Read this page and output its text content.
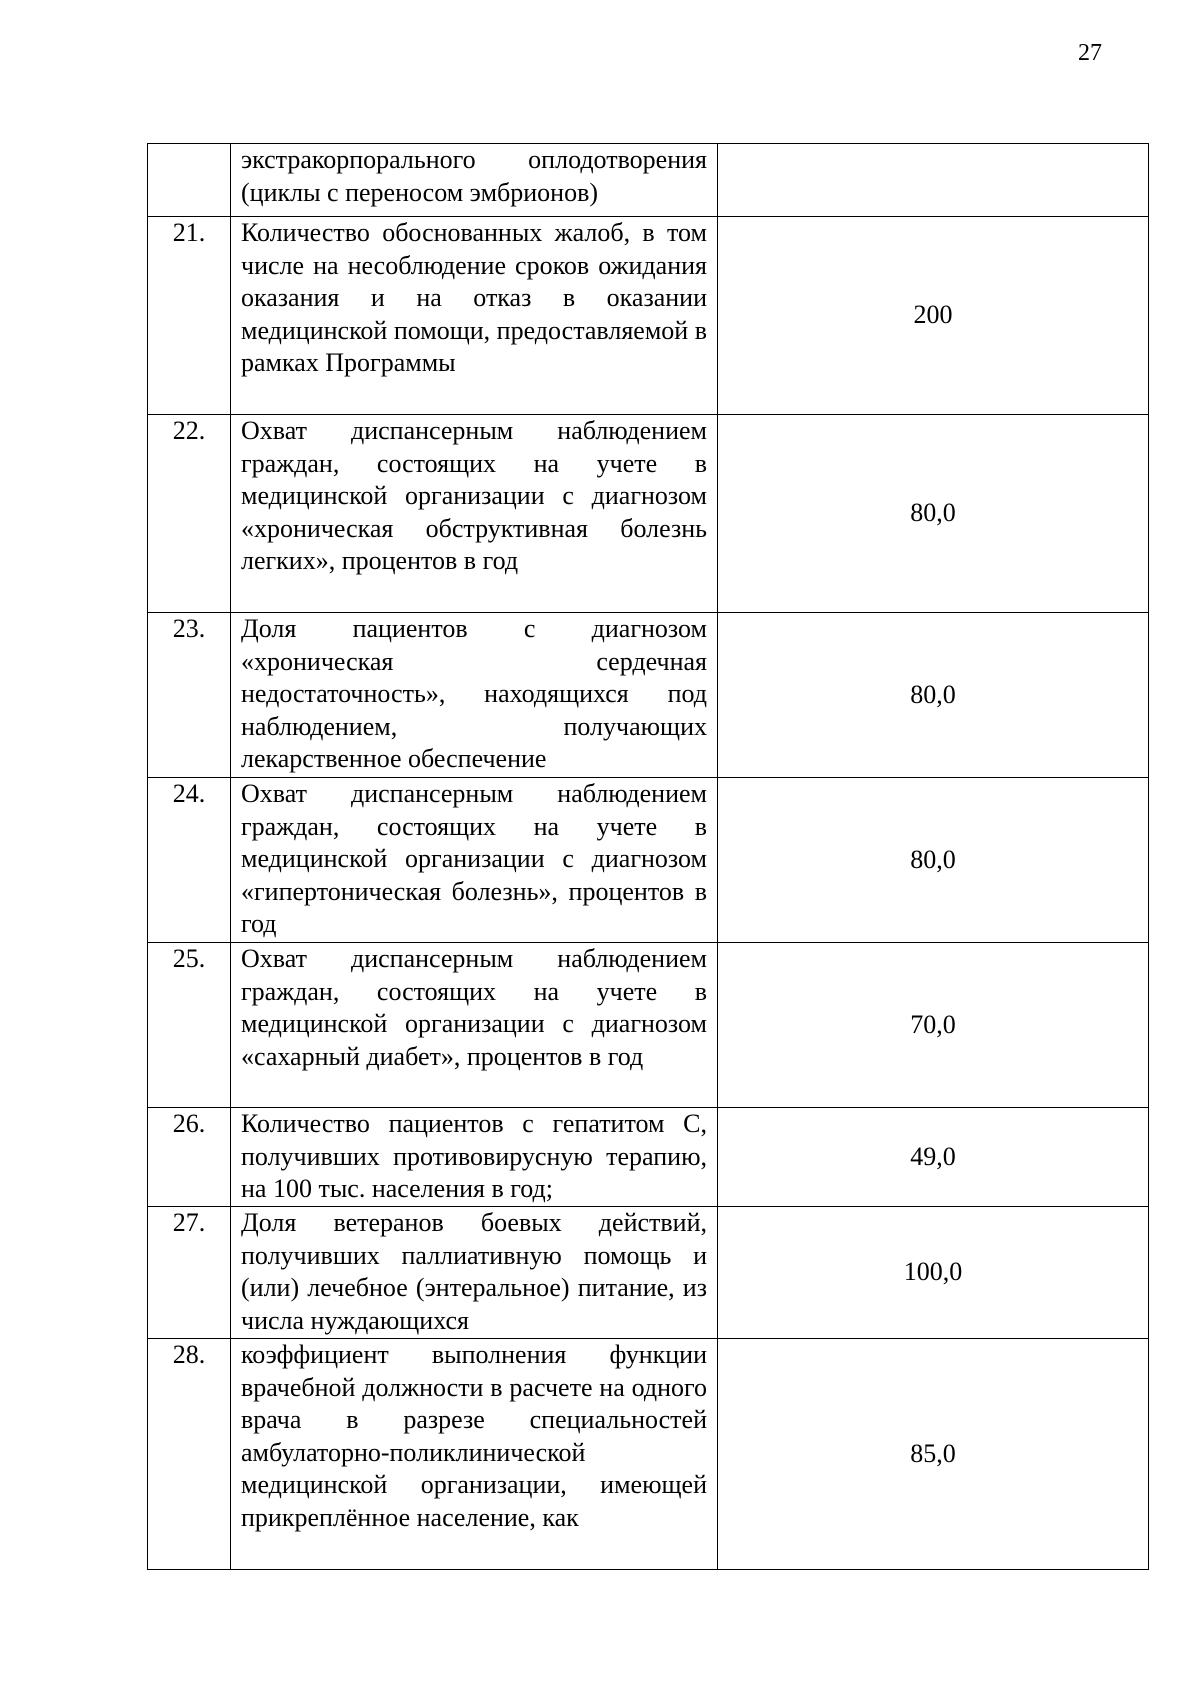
27
	экстракорпорального оплодотворения (циклы с переносом эмбрионов)	
21.	Количество обоснованных жалоб, в том числе на несоблюдение сроков ожидания оказания и на отказ в оказании медицинской помощи, предоставляемой в рамках Программы	200
22.	Охват диспансерным наблюдением граждан, состоящих на учете в медицинской организации с диагнозом «хроническая обструктивная болезнь легких», процентов в год	80,0
23.	Доля пациентов с диагнозом «хроническая сердечная недостаточность», находящихся под наблюдением, получающих лекарственное обеспечение	80,0
24.	Охват диспансерным наблюдением граждан, состоящих на учете в медицинской организации с диагнозом «гипертоническая болезнь», процентов в год	80,0
25.	Охват диспансерным наблюдением граждан, состоящих на учете в медицинской организации с диагнозом «сахарный диабет», процентов в год	70,0
26.	Количество пациентов с гепатитом С, получивших противовирусную терапию, на 100 тыс. населения в год;	49,0
27.	Доля ветеранов боевых действий, получивших паллиативную помощь и (или) лечебное (энтеральное) питание, из числа нуждающихся	100,0
28.	коэффициент выполнения функции врачебной должности в расчете на одного врача в разрезе специальностей амбулаторно-поликлинической медицинской организации, имеющей прикреплённое население, как	85,0
